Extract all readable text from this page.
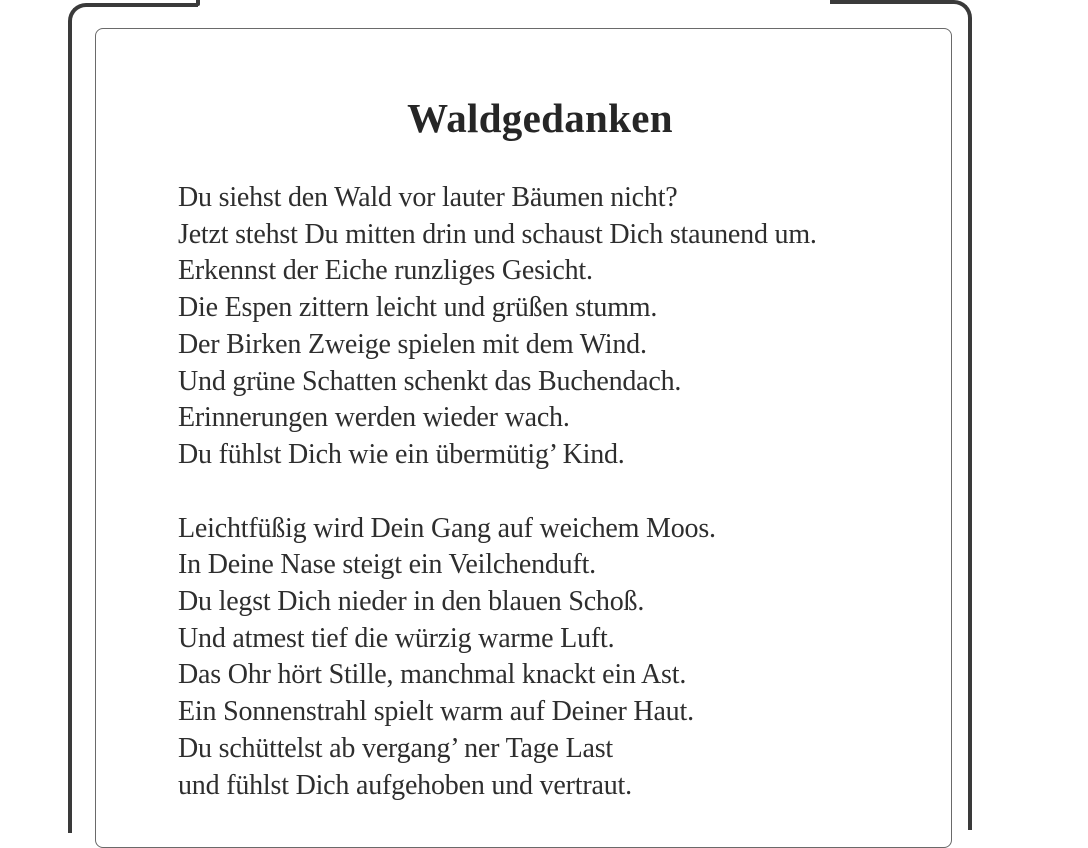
Waldgedanken
Du siehst den Wald vor lauter Bäumen nicht?
Jetzt stehst Du mitten drin und schaust Dich staunend um.
Erkennst der Eiche runzliges Gesicht.
Die Espen zittern leicht und grüßen stumm.
Der Birken Zweige spielen mit dem Wind.
Und grüne Schatten schenkt das Buchendach.
Erinnerungen werden wieder wach.
Du fühlst Dich wie ein übermütig’ Kind.
Leichtfüßig wird Dein Gang auf weichem Moos.
In Deine Nase steigt ein Veilchenduft.
Du legst Dich nieder in den blauen Schoß.
Und atmest tief die würzig warme Luft.
Das Ohr hört Stille, manchmal knackt ein Ast.
Ein Sonnenstrahl spielt warm auf Deiner Haut.
Du schüttelst ab vergang’ ner Tage Last
und fühlst Dich aufgehoben und vertraut.
